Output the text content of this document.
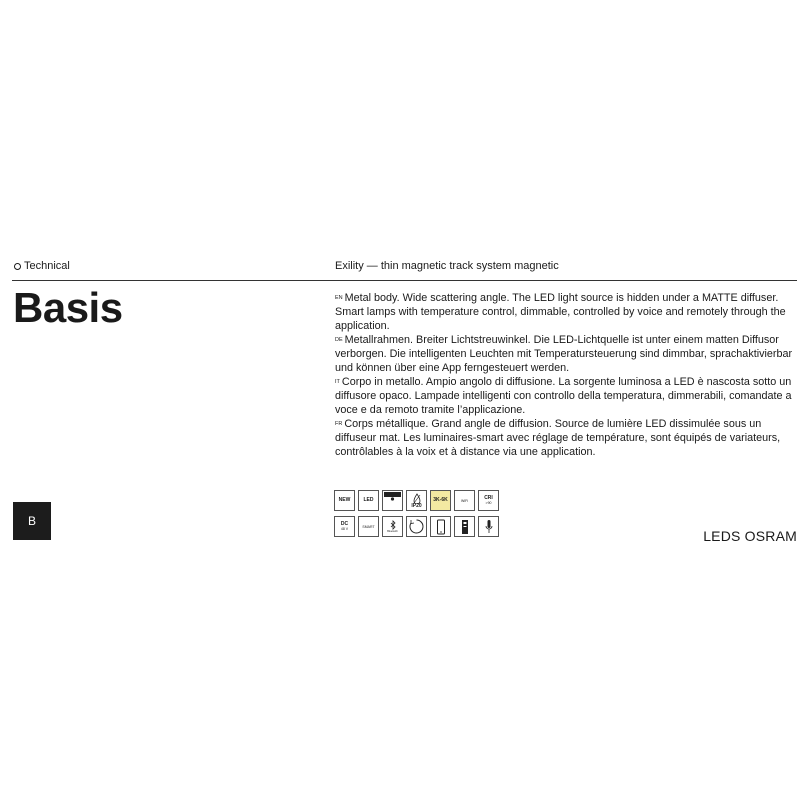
Technical	Exility — thin magnetic track system magnetic
Basis	$^{EN}$ Metal body. Wide scattering angle. The LED light source is hidden under a MATTE diffuser. Smart lamps with temperature control, dimmable, controlled by voice and remotely through the application.

$^{DE}$ Metallrahmen. Breiter Lichtstreuwinkel. Die LED-Lichtquelle ist unter einem matten Diffusor verborgen. Die intelligenten Leuchten mit Temperatursteuerung sind dimmbar, sprachaktivierbar und können über eine App ferngesteuert werden.

$^{IT}$ Corpo in metallo. Ampio angolo di diffusione. La sorgente luminosa a LED è nascosta sotto un diffusore opaco. Lampade intelligenti con controllo della temperatura, dimmerabili, comandate a voce e da remoto tramite l’applicazione.

$^{FR}$ Corps métallique. Grand angle de diffusion. Source de lumière LED dissimulée sous un diffuseur mat. Les luminaires-smart avec réglage de température, sont équipés de variateurs, contrôlables à la voix et à distance via une application.

B
NEW	LED
IP20
3K-6K	WiFi	CRI
>90
DC
48 V
SMART
Bluetooth	LEDS OSRAM
